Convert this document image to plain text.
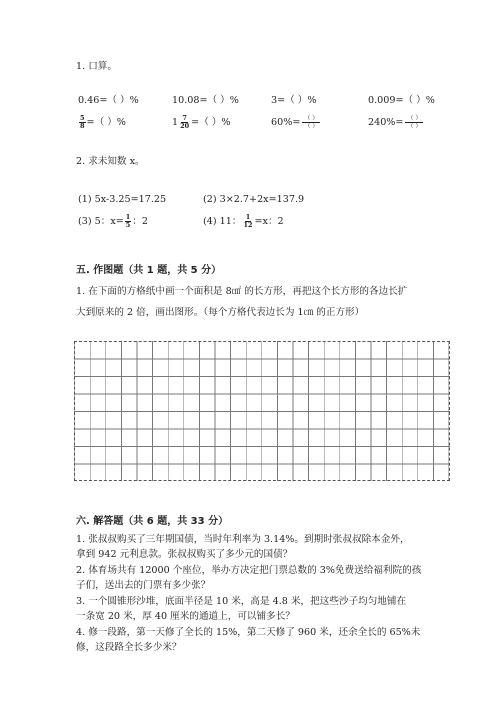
1. 口算。
0.46=（ ）%	10.08=（ ）%	3=（ ）%	0.009=（ ）%
$\frac{5}{8}$ =（ ）%	$1 \frac{7}{20}$ =（ ）%	$60\%= \frac{( )}{( )}$	$240\%= \frac{( )}{( )}$
2. 求未知数 x。
(1) 5x-3.25=17.25	(2) 3×2.7+2x=137.9
(3) 5：$x= \frac{1}{5}$ ：2	(4) 11： $\frac{1}{12} =x$：2
五. 作图题（共 1 题，共 5 分）
1. 在下面的方格纸中画一个面积是 8㎠ 的长方形，再把这个长方形的各边长扩
大到原来的 2 倍，画出图形。（每个方格代表边长为 1㎝ 的正方形）
六. 解答题（共 6 题，共 33 分）
1. 张叔叔购买了三年期国债，当时年利率为 3.14%。到期时张叔叔除本金外，
拿到 942 元利息款。张叔叔购买了多少元的国债？
2. 体育场共有 12000 个座位，举办方决定把门票总数的 3%免费送给福利院的孩
子们，送出去的门票有多少张？
3. 一个圆锥形沙堆，底面半径是 10 米，高是 4.8 米，把这些沙子均匀地铺在
一条宽 20 米，厚 40 厘米的通道上，可以铺多长？
4. 修一段路，第一天修了全长的 15%，第二天修了 960 米，还余全长的 65%未
修，这段路全长多少米？
